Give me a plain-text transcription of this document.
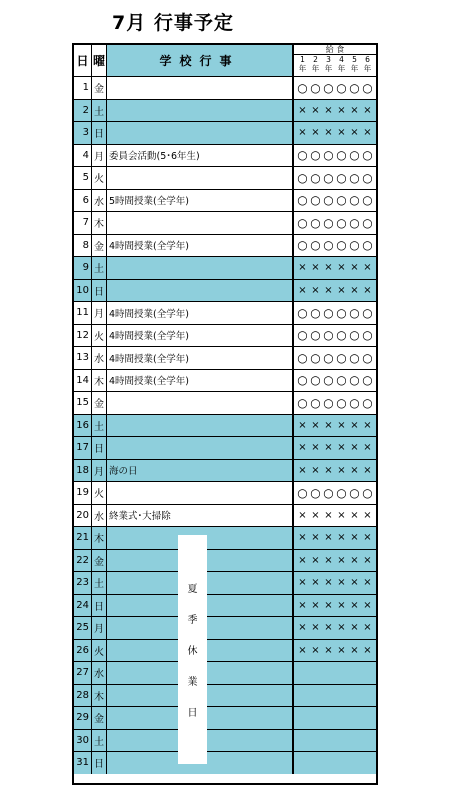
7月 行事予定
日 曜	学校行事
給 食
1
年
2
年
3
年
4
年
5
年
6
年
1 金	○ ○ ○ ○ ○ ○
2 土	× × × × × ×
3 日	× × × × × ×
4 月 委員会活動(5･6年生)	○ ○ ○ ○ ○ ○
5 火	○ ○ ○ ○ ○ ○
6 水 5時間授業(全学年)	○ ○ ○ ○ ○ ○
7 木	○ ○ ○ ○ ○ ○
8 金 4時間授業(全学年)	○ ○ ○ ○ ○ ○
9 土	× × × × × ×
10 日	× × × × × ×
11 月 4時間授業(全学年)	○ ○ ○ ○ ○ ○
12 火 4時間授業(全学年)	○ ○ ○ ○ ○ ○
13 水 4時間授業(全学年)	○ ○ ○ ○ ○ ○
14 木 4時間授業(全学年)	○ ○ ○ ○ ○ ○
15 金	○ ○ ○ ○ ○ ○
16 土	× × × × × ×
17 日	× × × × × ×
18 月 海の日	× × × × × ×
19 火	○ ○ ○ ○ ○ ○
20 水 終業式･大掃除	× × × × × ×
21 木	× × × × × ×
22 金	× × × × × ×
23 土	× × × × × ×
24 日	× × × × × ×
25 月	× × × × × ×
26 火	× × × × × ×
27 水
28 木
29 金
30 土
31 日
夏
季
休
業
日
